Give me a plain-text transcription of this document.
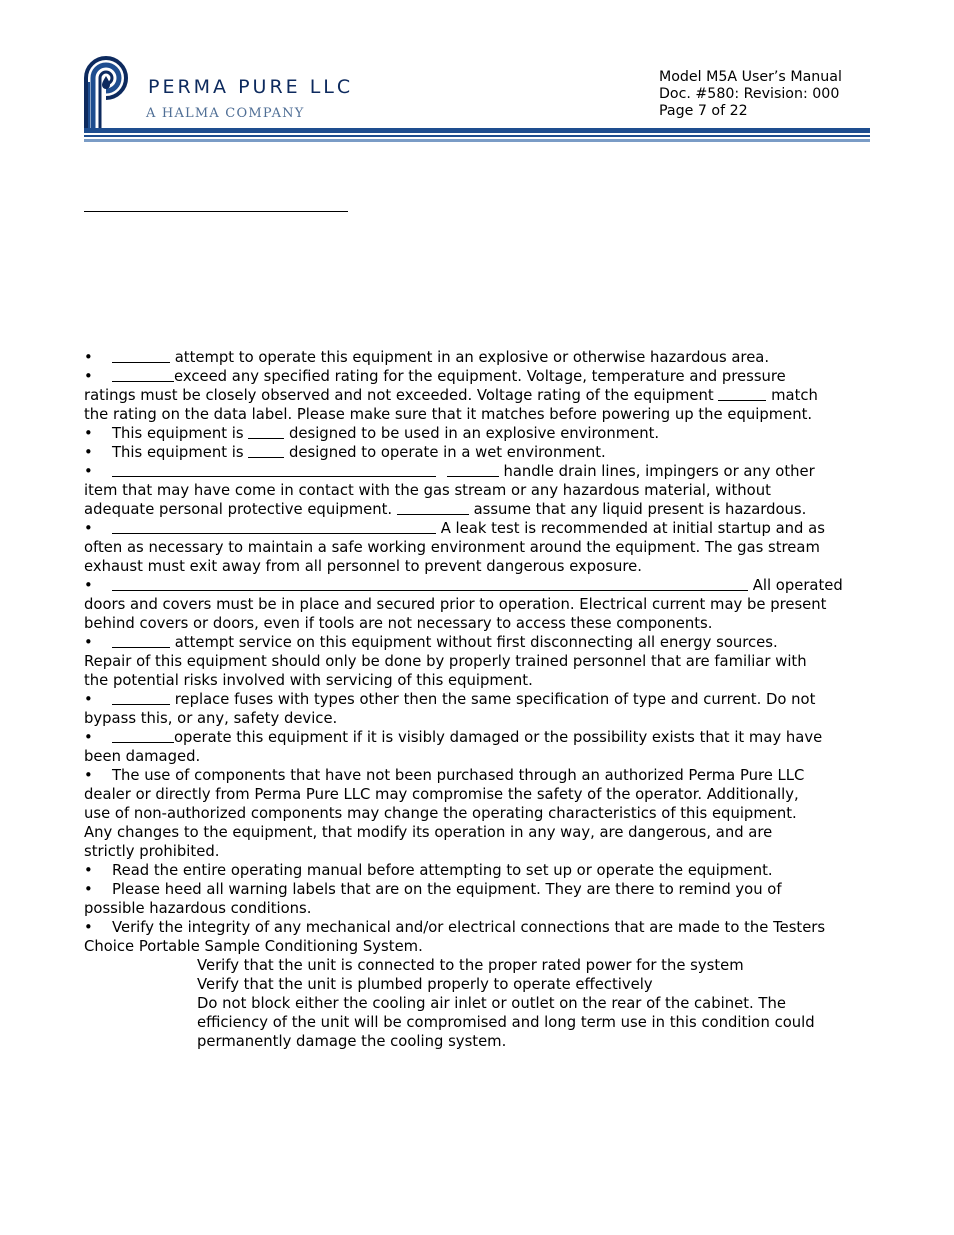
PERMA PURE LLC
A HALMA COMPANY
Model M5A User’s Manual
Doc. #580: Revision: 000
Page 7 of 22

•	attempt to operate this equipment in an explosive or otherwise hazardous area.

•	exceed any specified rating for the equipment. Voltage, temperature and pressure

ratings must be closely observed and not exceeded. Voltage rating of the equipment	match

the rating on the data label. Please make sure that it matches before powering up the equipment.

• This equipment is	designed to be used in an explosive environment.

• This equipment is	designed to operate in a wet environment.

•	handle drain lines, impingers or any other

item that may have come in contact with the gas stream or any hazardous material, without

adequate personal protective equipment.	assume that any liquid present is hazardous.

•	A leak test is recommended at initial startup and as

often as necessary to maintain a safe working environment around the equipment. The gas stream

exhaust must exit away from all personnel to prevent dangerous exposure.

•	All operated

doors and covers must be in place and secured prior to operation. Electrical current may be present

behind covers or doors, even if tools are not necessary to access these components.

•	attempt service on this equipment without first disconnecting all energy sources.

Repair of this equipment should only be done by properly trained personnel that are familiar with

the potential risks involved with servicing of this equipment.

•	replace fuses with types other then the same specification of type and current. Do not

bypass this, or any, safety device.

•	operate this equipment if it is visibly damaged or the possibility exists that it may have

been damaged.

• The use of components that have not been purchased through an authorized Perma Pure LLC

dealer or directly from Perma Pure LLC may compromise the safety of the operator. Additionally,

use of non-authorized components may change the operating characteristics of this equipment.

Any changes to the equipment, that modify its operation in any way, are dangerous, and are

strictly prohibited.

• Read the entire operating manual before attempting to set up or operate the equipment.

• Please heed all warning labels that are on the equipment. They are there to remind you of

possible hazardous conditions.

• Verify the integrity of any mechanical and/or electrical connections that are made to the Testers

Choice Portable Sample Conditioning System.

Verify that the unit is connected to the proper rated power for the system

Verify that the unit is plumbed properly to operate effectively

Do not block either the cooling air inlet or outlet on the rear of the cabinet. The

efficiency of the unit will be compromised and long term use in this condition could

permanently damage the cooling system.
